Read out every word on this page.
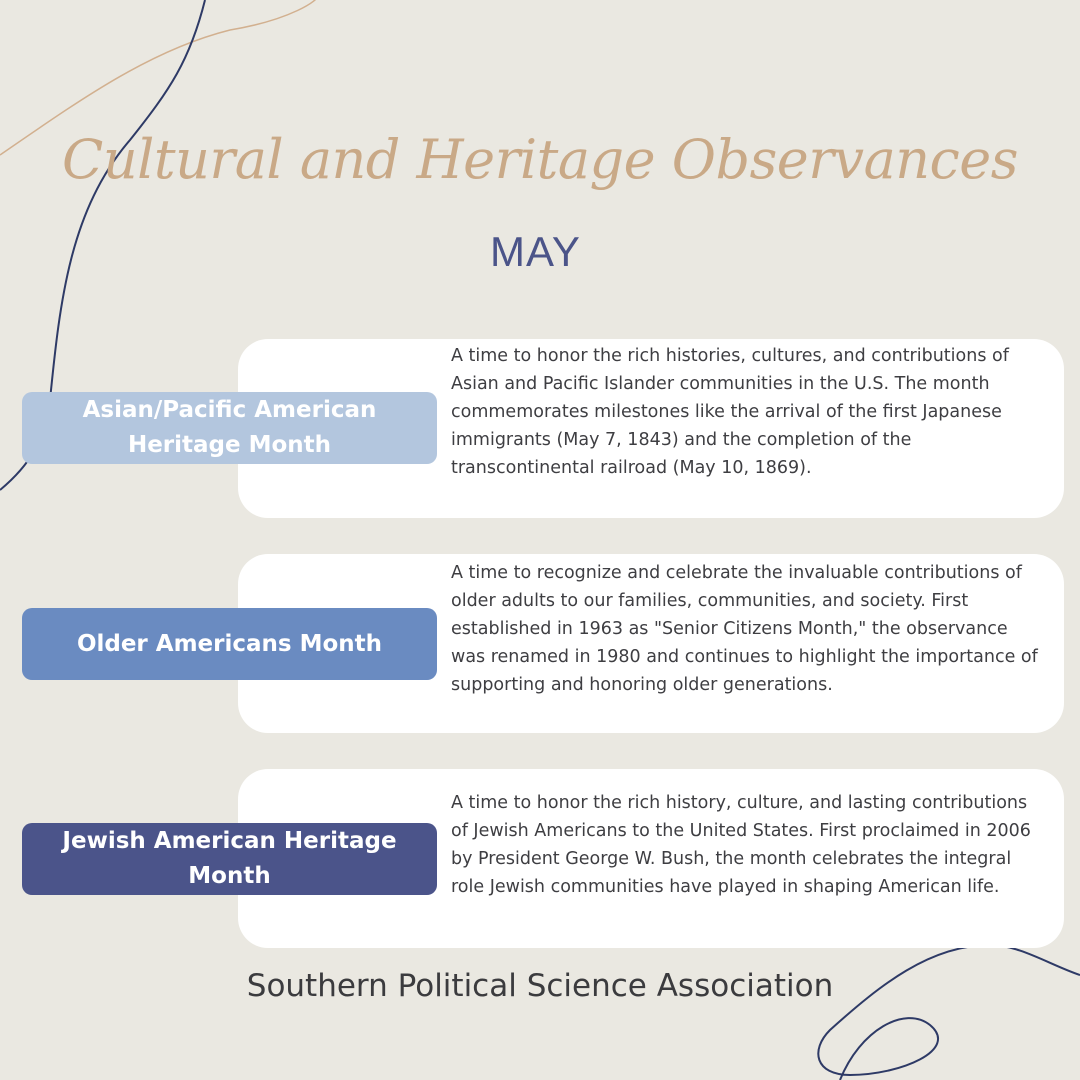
Cultural and Heritage Observances
MAY
A time to honor the rich histories, cultures, and contributions of Asian and Pacific Islander communities in the U.S. The month commemorates milestones like the arrival of the first Japanese immigrants (May 7, 1843) and the completion of the transcontinental railroad (May 10, 1869).
Asian/Pacific American Heritage Month
A time to recognize and celebrate the invaluable contributions of older adults to our families, communities, and society. First established in 1963 as "Senior Citizens Month," the observance was renamed in 1980 and continues to highlight the importance of supporting and honoring older generations.
Older Americans Month
A time to honor the rich history, culture, and lasting contributions of Jewish Americans to the United States. First proclaimed in 2006 by President George W. Bush, the month celebrates the integral role Jewish communities have played in shaping American life.
Jewish American Heritage Month
Southern Political Science Association
